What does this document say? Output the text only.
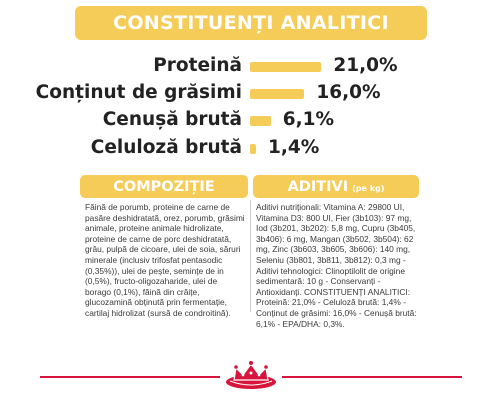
CONSTITUENȚI ANALITICI
Proteină	21,0%
Conținut de grăsimi	16,0%
Cenușă brută 6,1%
Celuloză brută 1,4%
COMPOZIȚIE	ADITIVI (pe kg)
Făină de porumb, proteine de carne de pasăre deshidratată, orez, porumb, grăsimi animale, proteine animale hidrolizate, proteine de carne de porc deshidratată, grâu, pulpă de cicoare, ulei de soia, săruri minerale (inclusiv trifosfat pentasodic (0,35%)), ulei de pește, semințe de in (0,5%), fructo-oligozaharide, ulei de borago (0,1%), făină din crăițe, glucozamină obținută prin fermentație, cartilaj hidrolizat (sursă de condroitină).
Aditivi nutriționali: Vitamina A: 29800 UI, Vitamina D3: 800 UI, Fier (3b103): 97 mg, Iod (3b201, 3b202): 5,8 mg, Cupru (3b405, 3b406): 6 mg, Mangan (3b502, 3b504): 62 mg, Zinc (3b603, 3b605, 3b606): 140 mg, Seleniu (3b801, 3b811, 3b812): 0,3 mg - Aditivi tehnologici: Clinoptilolit de origine sedimentară: 10 g - Conservanți - Antioxidanți. CONSTITUENȚI ANALITICI: Proteină: 21,0% - Celuloză brută: 1,4% - Conținut de grăsimi: 16,0% - Cenușă brută: 6,1% - EPA/DHA: 0,3%.
